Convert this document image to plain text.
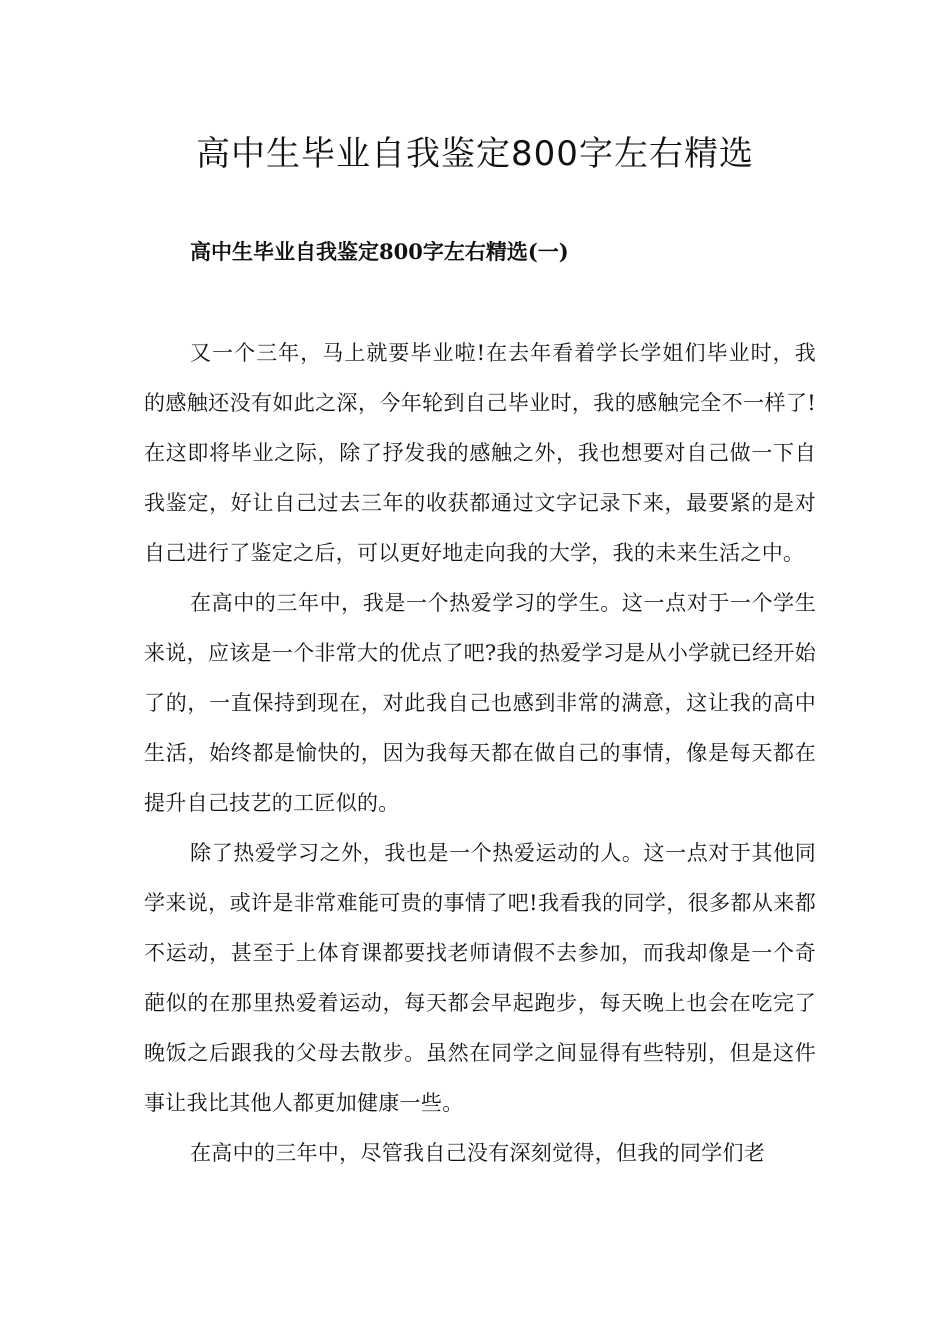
高中生毕业自我鉴定800字左右精选
高中生毕业自我鉴定800字左右精选(一)

又一个三年，马上就要毕业啦!在去年看着学长学姐们毕业时，我的感触还没有如此之深，今年轮到自己毕业时，我的感触完全不一样了!在这即将毕业之际，除了抒发我的感触之外，我也想要对自己做一下自我鉴定，好让自己过去三年的收获都通过文字记录下来，最要紧的是对自己进行了鉴定之后，可以更好地走向我的大学，我的未来生活之中。

在高中的三年中，我是一个热爱学习的学生。这一点对于一个学生来说，应该是一个非常大的优点了吧?我的热爱学习是从小学就已经开始了的，一直保持到现在，对此我自己也感到非常的满意，这让我的高中生活，始终都是愉快的，因为我每天都在做自己的事情，像是每天都在提升自己技艺的工匠似的。

除了热爱学习之外，我也是一个热爱运动的人。这一点对于其他同学来说，或许是非常难能可贵的事情了吧!我看我的同学，很多都从来都不运动，甚至于上体育课都要找老师请假不去参加，而我却像是一个奇葩似的在那里热爱着运动，每天都会早起跑步，每天晚上也会在吃完了晚饭之后跟我的父母去散步。虽然在同学之间显得有些特别，但是这件事让我比其他人都更加健康一些。

在高中的三年中，尽管我自己没有深刻觉得，但我的同学们老
